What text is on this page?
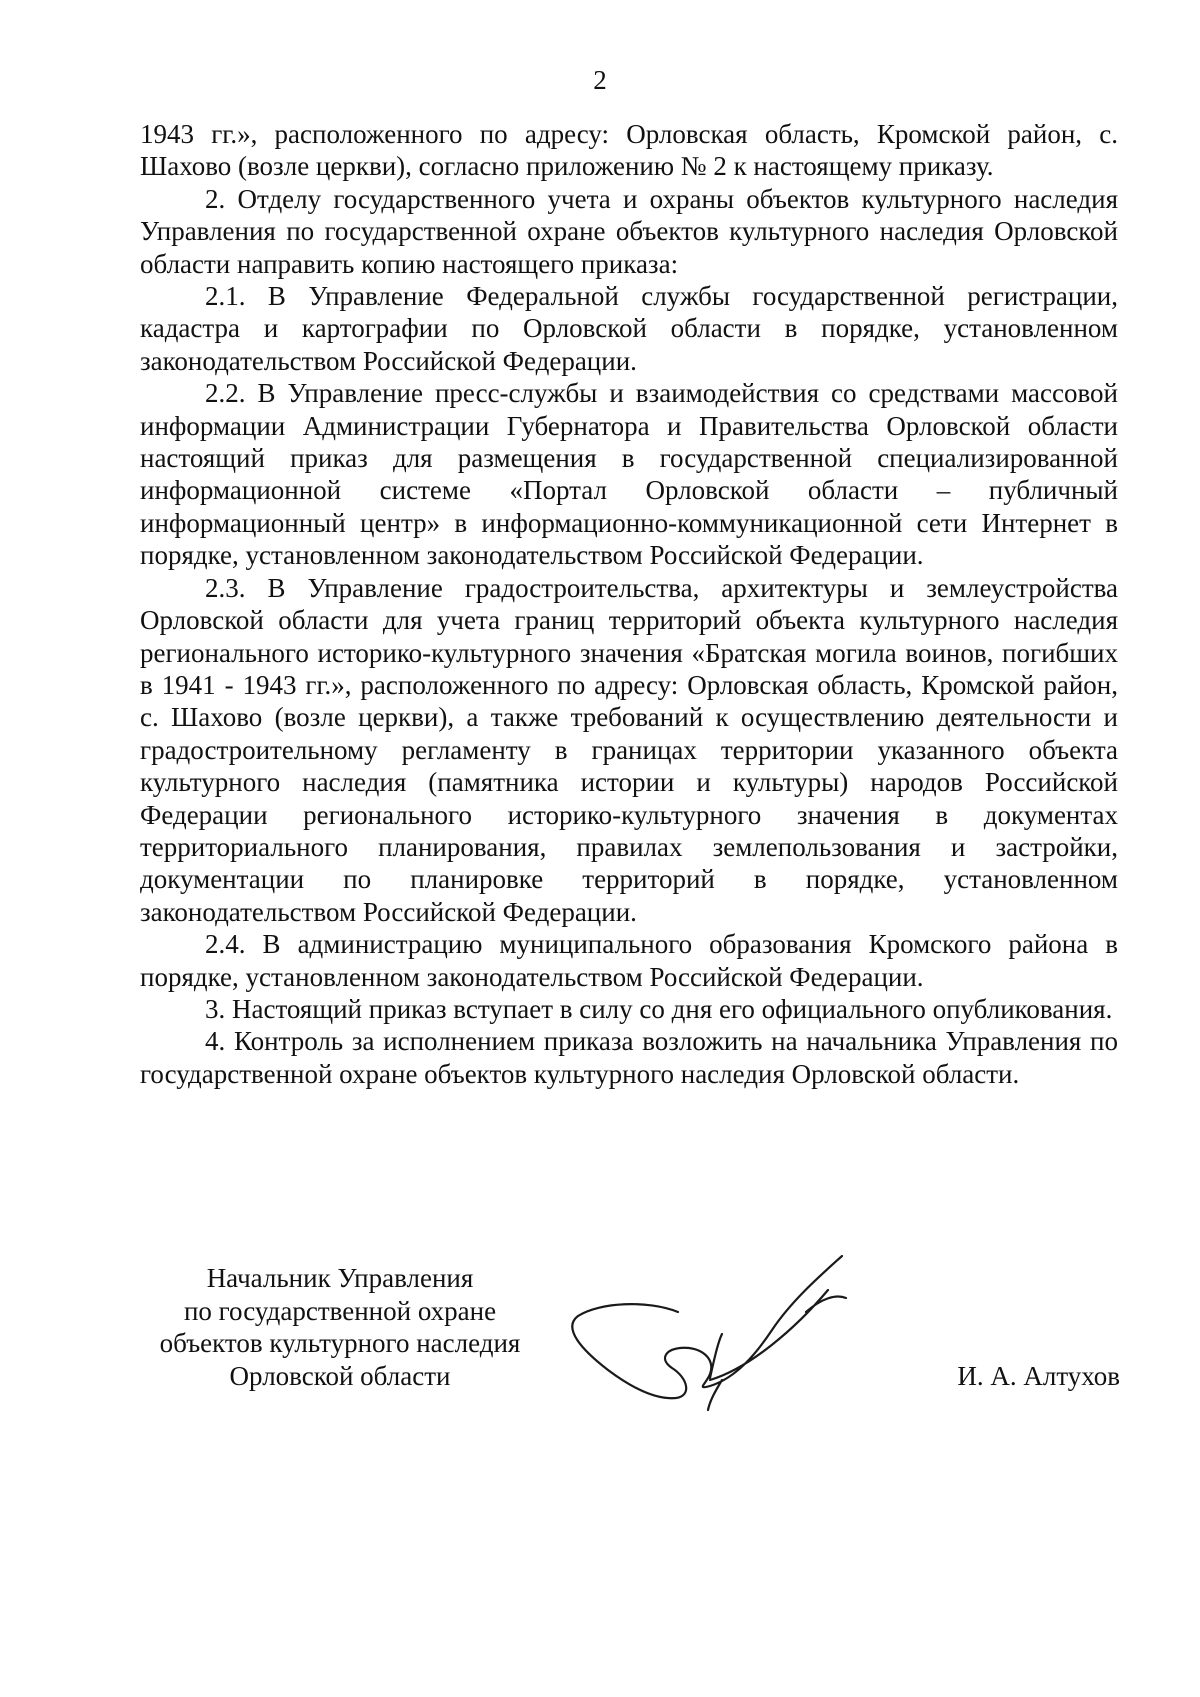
2

1943 гг.», расположенного по адресу: Орловская область, Кромской район, с. Шахово (возле церкви), согласно приложению № 2 к настоящему приказу.

2. Отделу государственного учета и охраны объектов культурного наследия Управления по государственной охране объектов культурного наследия Орловской области направить копию настоящего приказа:

2.1. В Управление Федеральной службы государственной регистрации, кадастра и картографии по Орловской области в порядке, установленном законодательством Российской Федерации.

2.2. В Управление пресс-службы и взаимодействия со средствами массовой информации Администрации Губернатора и Правительства Орловской области настоящий приказ для размещения в государственной специализированной информационной системе «Портал Орловской области – публичный информационный центр» в информационно-коммуникационной сети Интернет в порядке, установленном законодательством Российской Федерации.

2.3. В Управление градостроительства, архитектуры и землеустройства Орловской области для учета границ территорий объекта культурного наследия регионального историко-культурного значения «Братская могила воинов, погибших в 1941 - 1943 гг.», расположенного по адресу: Орловская область, Кромской район, с. Шахово (возле церкви), а также требований к осуществлению деятельности и градостроительному регламенту в границах территории указанного объекта культурного наследия (памятника истории и культуры) народов Российской Федерации регионального историко-культурного значения в документах территориального планирования, правилах землепользования и застройки, документации по планировке территорий в порядке, установленном законодательством Российской Федерации.

2.4. В администрацию муниципального образования Кромского района в порядке, установленном законодательством Российской Федерации.

3. Настоящий приказ вступает в силу со дня его официального опубликования.

4. Контроль за исполнением приказа возложить на начальника Управления по государственной охране объектов культурного наследия Орловской области.

Начальник Управления
по государственной охране
объектов культурного наследия
Орловской области	И. А. Алтухов
